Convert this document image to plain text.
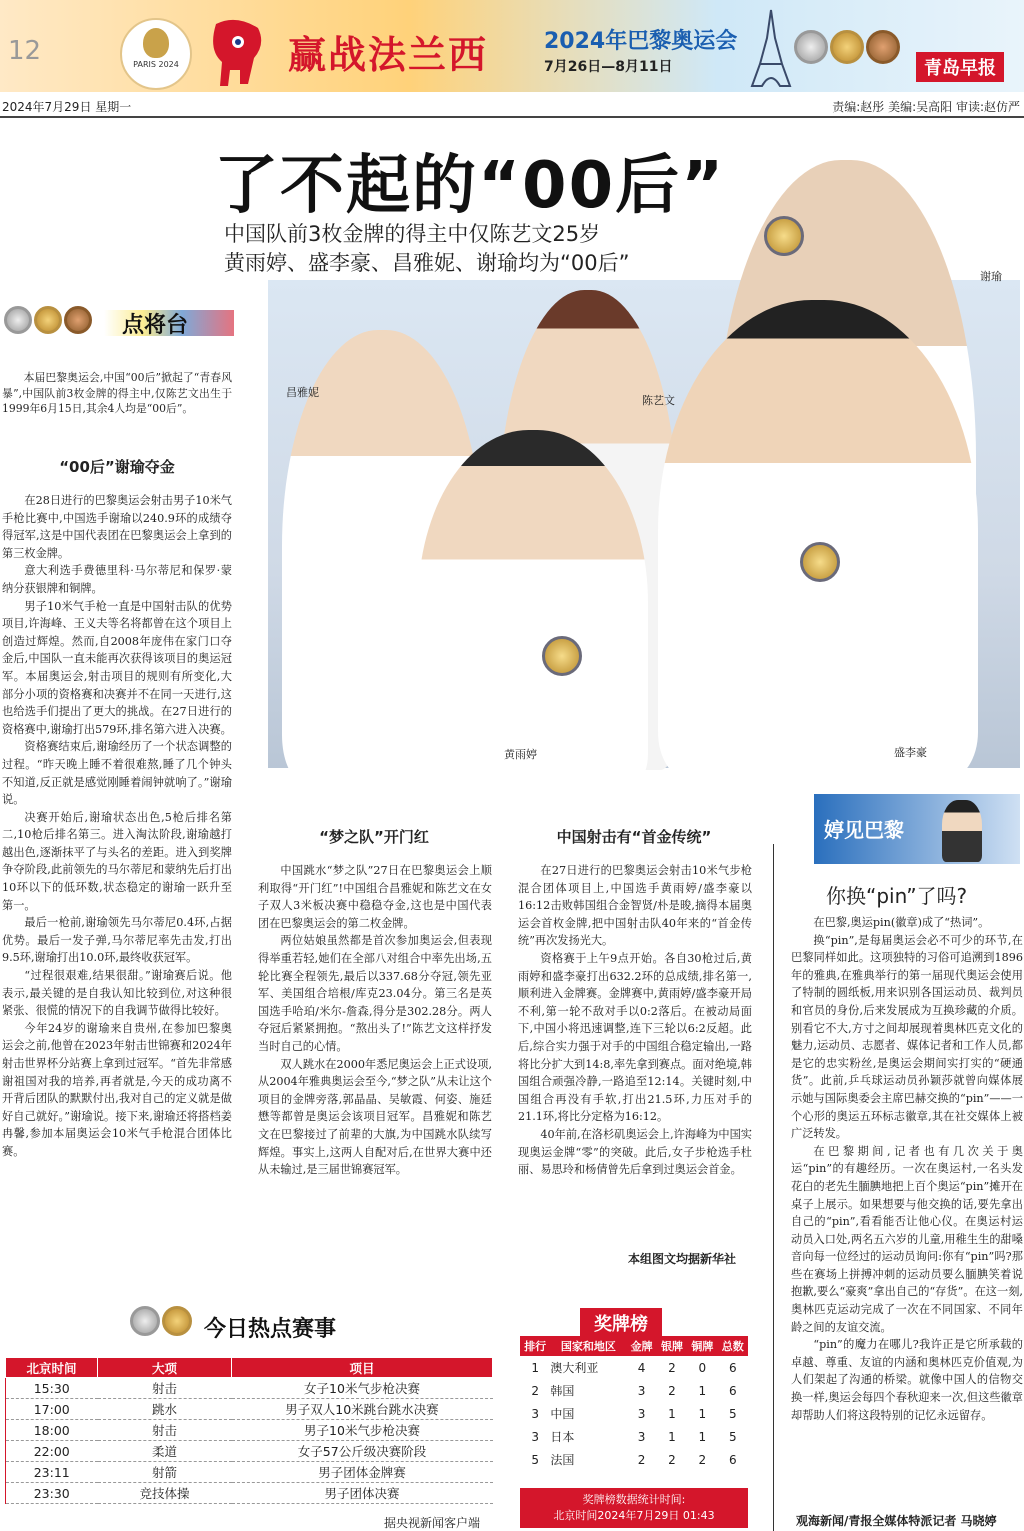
12	PARIS 2024	赢战法兰西	2024年巴黎奥运会
7月26日—8月11日	青岛早报
2024年7月29日 星期一	责编:赵彤 美编:吴高阳 审读:赵仿严
了不起的“00后”
中国队前3枚金牌的得主中仅陈艺文25岁
黄雨婷、盛李豪、昌雅妮、谢瑜均为“00后”
谢瑜
昌雅妮
陈艺文
黄雨婷	盛李豪
点将台

本届巴黎奥运会,中国“00后”掀起了“青春风暴”,中国队前3枚金牌的得主中,仅陈艺文出生于1999年6月15日,其余4人均是“00后”。

“00后”谢瑜夺金

在28日进行的巴黎奥运会射击男子10米气手枪比赛中,中国选手谢瑜以240.9环的成绩夺得冠军,这是中国代表团在巴黎奥运会上拿到的第三枚金牌。

意大利选手费德里科·马尔蒂尼和保罗·蒙纳分获银牌和铜牌。

男子10米气手枪一直是中国射击队的优势项目,许海峰、王义夫等名将都曾在这个项目上创造过辉煌。然而,自2008年庞伟在家门口夺金后,中国队一直未能再次获得该项目的奥运冠军。本届奥运会,射击项目的规则有所变化,大部分小项的资格赛和决赛并不在同一天进行,这也给选手们提出了更大的挑战。在27日进行的资格赛中,谢瑜打出579环,排名第六进入决赛。

资格赛结束后,谢瑜经历了一个状态调整的过程。“昨天晚上睡不着很难熬,睡了几个钟头不知道,反正就是感觉刚睡着闹钟就响了。”谢瑜说。

决赛开始后,谢瑜状态出色,5枪后排名第二,10枪后排名第三。进入淘汰阶段,谢瑜越打越出色,逐渐抹平了与头名的差距。进入到奖牌争夺阶段,此前领先的马尔蒂尼和蒙纳先后打出10环以下的低环数,状态稳定的谢瑜一跃升至第一。

最后一枪前,谢瑜领先马尔蒂尼0.4环,占据优势。最后一发子弹,马尔蒂尼率先击发,打出9.5环,谢瑜打出10.0环,最终收获冠军。

“过程很艰难,结果很甜。”谢瑜赛后说。他表示,最关键的是自我认知比较到位,对这种很紧张、很慌的情况下的自我调节做得比较好。

今年24岁的谢瑜来自贵州,在参加巴黎奥运会之前,他曾在2023年射击世锦赛和2024年射击世界杯分站赛上拿到过冠军。“首先非常感谢祖国对我的培养,再者就是,今天的成功离不开背后团队的默默付出,我对自己的定义就是做好自己就好。”谢瑜说。接下来,谢瑜还将搭档姜冉馨,参加本届奥运会10米气手枪混合团体比赛。

“梦之队”开门红

中国跳水“梦之队”27日在巴黎奥运会上顺利取得“开门红”!中国组合昌雅妮和陈艺文在女子双人3米板决赛中稳稳夺金,这也是中国代表团在巴黎奥运会的第二枚金牌。

两位姑娘虽然都是首次参加奥运会,但表现得举重若轻,她们在全部八对组合中率先出场,五轮比赛全程领先,最后以337.68分夺冠,领先亚军、美国组合培根/库克23.04分。第三名是英国选手哈珀/米尔-詹森,得分是302.28分。两人夺冠后紧紧拥抱。“熬出头了!”陈艺文这样抒发当时自己的心情。

双人跳水在2000年悉尼奥运会上正式设项,从2004年雅典奥运会至今,“梦之队”从未让这个项目的金牌旁落,郭晶晶、吴敏霞、何姿、施廷懋等都曾是奥运会该项目冠军。昌雅妮和陈艺文在巴黎接过了前辈的大旗,为中国跳水队续写辉煌。事实上,这两人自配对后,在世界大赛中还从未输过,是三届世锦赛冠军。

中国射击有“首金传统”

在27日进行的巴黎奥运会射击10米气步枪混合团体项目上,中国选手黄雨婷/盛李豪以16:12击败韩国组合金智贤/朴是晙,摘得本届奥运会首枚金牌,把中国射击队40年来的“首金传统”再次发扬光大。

资格赛于上午9点开始。各自30枪过后,黄雨婷和盛李豪打出632.2环的总成绩,排名第一,顺利进入金牌赛。金牌赛中,黄雨婷/盛李豪开局不利,第一轮不敌对手以0:2落后。在被动局面下,中国小将迅速调整,连下三轮以6:2反超。此后,综合实力强于对手的中国组合稳定输出,一路将比分扩大到14:8,率先拿到赛点。面对绝境,韩国组合顽强冷静,一路追至12:14。关键时刻,中国组合再没有手软,打出21.5环,力压对手的21.1环,将比分定格为16:12。

40年前,在洛杉矶奥运会上,许海峰为中国实现奥运金牌“零”的突破。此后,女子步枪选手杜丽、易思玲和杨倩曾先后拿到过奥运会首金。

本组图文均据新华社
今日热点赛事
北京时间	大项	项目
15:30	射击	女子10米气步枪决赛
17:00	跳水	男子双人10米跳台跳水决赛
18:00	射击	男子10米气步枪决赛
22:00	柔道	女子57公斤级决赛阶段
23:11	射箭	男子团体金牌赛
23:30	竞技体操	男子团体决赛
据央视新闻客户端
奖牌榜
排行	国家和地区	金牌	银牌	铜牌	总数
1	澳大利亚	4	2	0	6
2	韩国	3	2	1	6
3	中国	3	1	1	5
3	日本	3	1	1	5
5	法国	2	2	2	6
奖牌榜数据统计时间:
北京时间2024年7月29日 01:43
婷见巴黎
你换“pin”了吗?

在巴黎,奥运pin(徽章)成了“热词”。

换“pin”,是每届奥运会必不可少的环节,在巴黎同样如此。这项独特的习俗可追溯到1896年的雅典,在雅典举行的第一届现代奥运会使用了特制的圆纸板,用来识别各国运动员、裁判员和官员的身份,后来发展成为互换珍藏的介质。别看它不大,方寸之间却展现着奥林匹克文化的魅力,运动员、志愿者、媒体记者和工作人员,都是它的忠实粉丝,是奥运会期间实打实的“硬通货”。此前,乒乓球运动员孙颖莎就曾向媒体展示她与国际奥委会主席巴赫交换的“pin”——一个心形的奥运五环标志徽章,其在社交媒体上被广泛转发。

在巴黎期间,记者也有几次关于奥运“pin”的有趣经历。一次在奥运村,一名头发花白的老先生腼腆地把上百个奥运“pin”摊开在桌子上展示。如果想要与他交换的话,要先拿出自己的“pin”,看看能否让他心仪。在奥运村运动员入口处,两名五六岁的儿童,用稚生生的甜嗓音向每一位经过的运动员询问:你有“pin”吗?那些在赛场上拼搏冲刺的运动员要么腼腆笑着说抱歉,要么“豪爽”拿出自己的“存货”。在这一刻,奥林匹克运动完成了一次在不同国家、不同年龄之间的友谊交流。

“pin”的魔力在哪儿?我许正是它所承载的卓越、尊重、友谊的内涵和奥林匹克价值观,为人们架起了沟通的桥梁。就像中国人的信物交换一样,奥运会每四个春秋迎来一次,但这些徽章却帮助人们将这段特别的记忆永远留存。

观海新闻/青报全媒体特派记者 马晓婷
